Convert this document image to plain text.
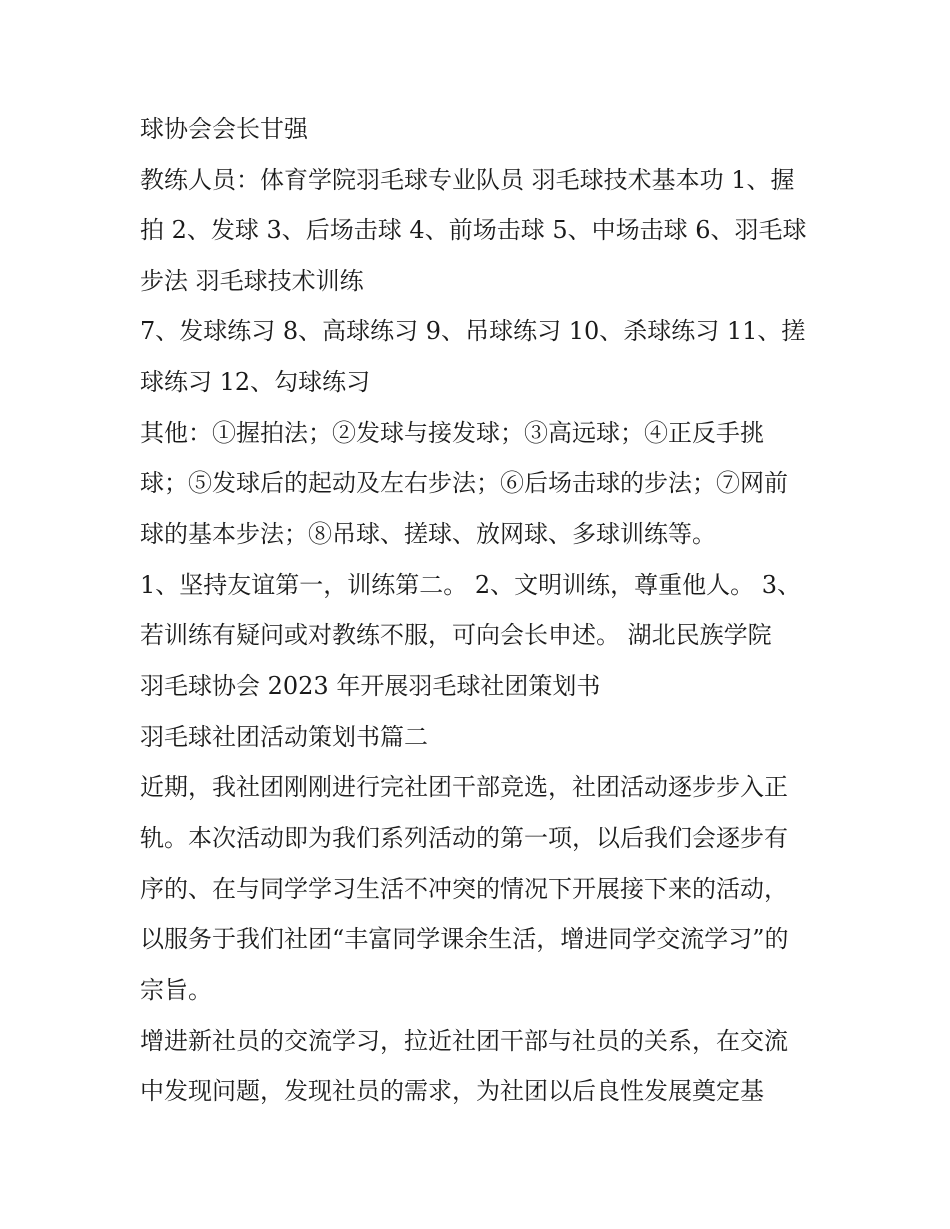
球协会会长甘强
教练人员：体育学院羽毛球专业队员 羽毛球技术基本功 1、握
拍 2、发球 3、后场击球 4、前场击球 5、中场击球 6、羽毛球
步法 羽毛球技术训练
7、发球练习 8、高球练习 9、吊球练习 10、杀球练习 11、搓
球练习 12、勾球练习
其他：①握拍法；②发球与接发球；③高远球；④正反手挑
球；⑤发球后的起动及左右步法；⑥后场击球的步法；⑦网前
球的基本步法；⑧吊球、搓球、放网球、多球训练等。
1、坚持友谊第一，训练第二。 2、文明训练，尊重他人。 3、
若训练有疑问或对教练不服，可向会长申述。 湖北民族学院
羽毛球协会 2023 年开展羽毛球社团策划书
羽毛球社团活动策划书篇二
近期，我社团刚刚进行完社团干部竞选，社团活动逐步步入正
轨。本次活动即为我们系列活动的第一项，以后我们会逐步有
序的、在与同学学习生活不冲突的情况下开展接下来的活动，
以服务于我们社团“丰富同学课余生活，增进同学交流学习”的
宗旨。
增进新社员的交流学习，拉近社团干部与社员的关系，在交流
中发现问题，发现社员的需求，为社团以后良性发展奠定基
